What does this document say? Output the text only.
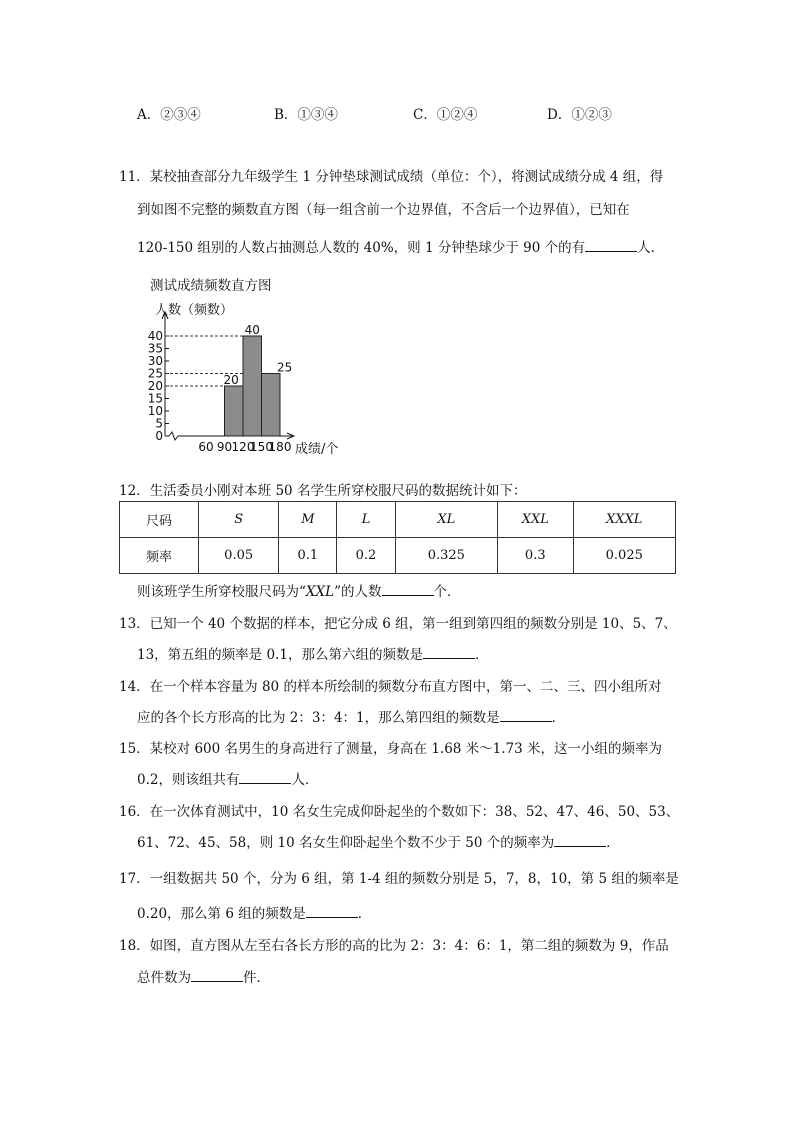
A．②③④	B．①③④	C．①②④	D．①②③
11．某校抽查部分九年级学生 1 分钟垫球测试成绩（单位：个），将测试成绩分成 4 组，得
到如图不完整的频数直方图（每一组含前一个边界值，不含后一个边界值），已知在
120-150 组别的人数占抽测总人数的 40%，则 1 分钟垫球少于 90 个的有	人．
测试成绩频数直方图
人数（频数）
0
5
10
15
20
25
30
35
40
20
40
25
60 90 120
150
180 成绩/个
12．生活委员小刚对本班 50 名学生所穿校服尺码的数据统计如下：
尺码	S	M	L	XL	XXL	XXXL
频率	0.05	0.1	0.2	0.325	0.3	0.025
则该班学生所穿校服尺码为“XXL”的人数	个．
13．已知一个 40 个数据的样本，把它分成 6 组，第一组到第四组的频数分别是 10、5、7、
13，第五组的频率是 0.1，那么第六组的频数是	．
14．在一个样本容量为 80 的样本所绘制的频数分布直方图中，第一、二、三、四小组所对
应的各个长方形高的比为 2：3：4：1，那么第四组的频数是	．
15．某校对 600 名男生的身高进行了测量，身高在 1.68 米～1.73 米，这一小组的频率为
0.2，则该组共有	人．
16．在一次体育测试中，10 名女生完成仰卧起坐的个数如下：38、52、47、46、50、53、
61、72、45、58，则 10 名女生仰卧起坐个数不少于 50 个的频率为	．
17．一组数据共 50 个，分为 6 组，第 1-4 组的频数分别是 5，7，8，10，第 5 组的频率是
0.20，那么第 6 组的频数是	．
18．如图，直方图从左至右各长方形的高的比为 2：3：4：6：1，第二组的频数为 9，作品
总件数为	件．
